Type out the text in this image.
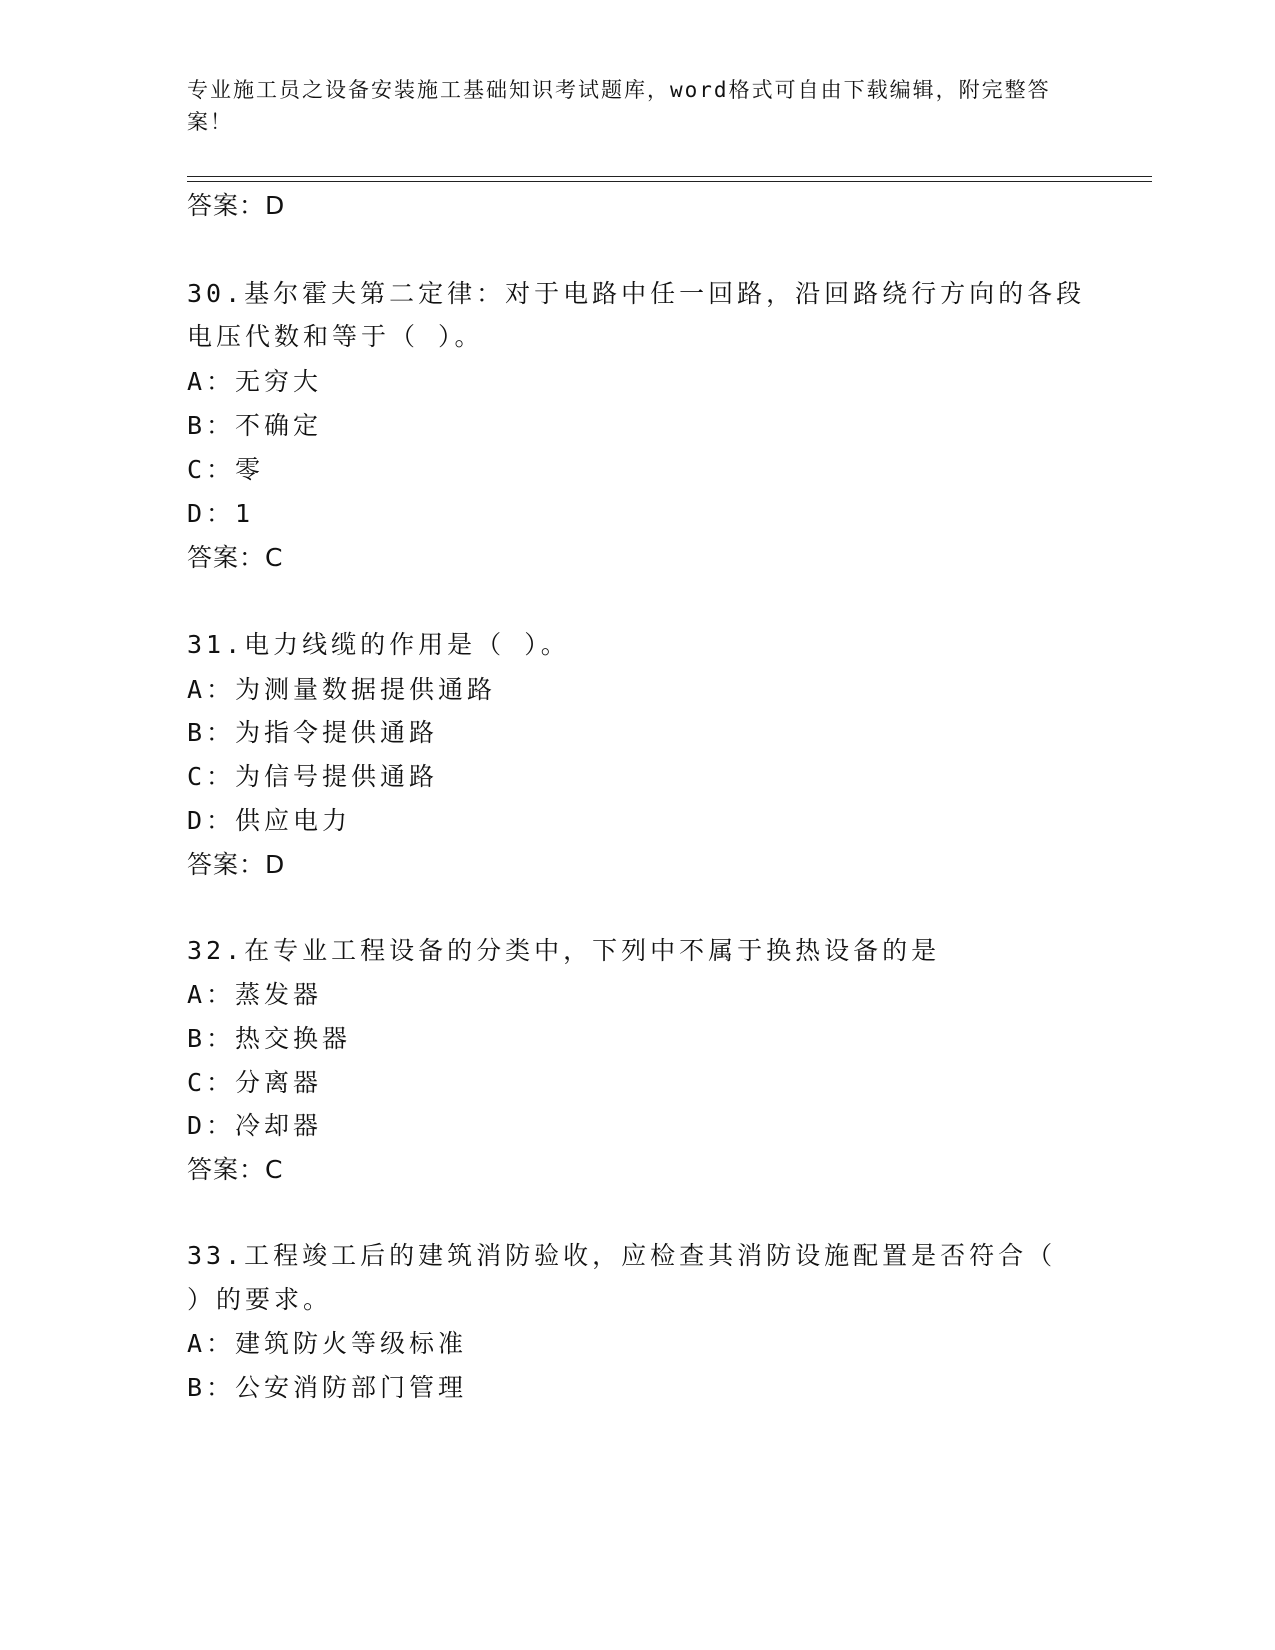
专业施工员之设备安装施工基础知识考试题库，word格式可自由下载编辑，附完整答案！
答案：D
30.基尔霍夫第二定律：对于电路中任一回路，沿回路绕行方向的各段
电压代数和等于（ ）。
A：无穷大
B：不确定
C：零
D：1
答案：C
31.电力线缆的作用是（ ）。
A：为测量数据提供通路
B：为指令提供通路
C：为信号提供通路
D：供应电力
答案：D
32.在专业工程设备的分类中，下列中不属于换热设备的是
A：蒸发器
B：热交换器
C：分离器
D：冷却器
答案：C
33.工程竣工后的建筑消防验收，应检查其消防设施配置是否符合（
）的要求。
A：建筑防火等级标准
B：公安消防部门管理
